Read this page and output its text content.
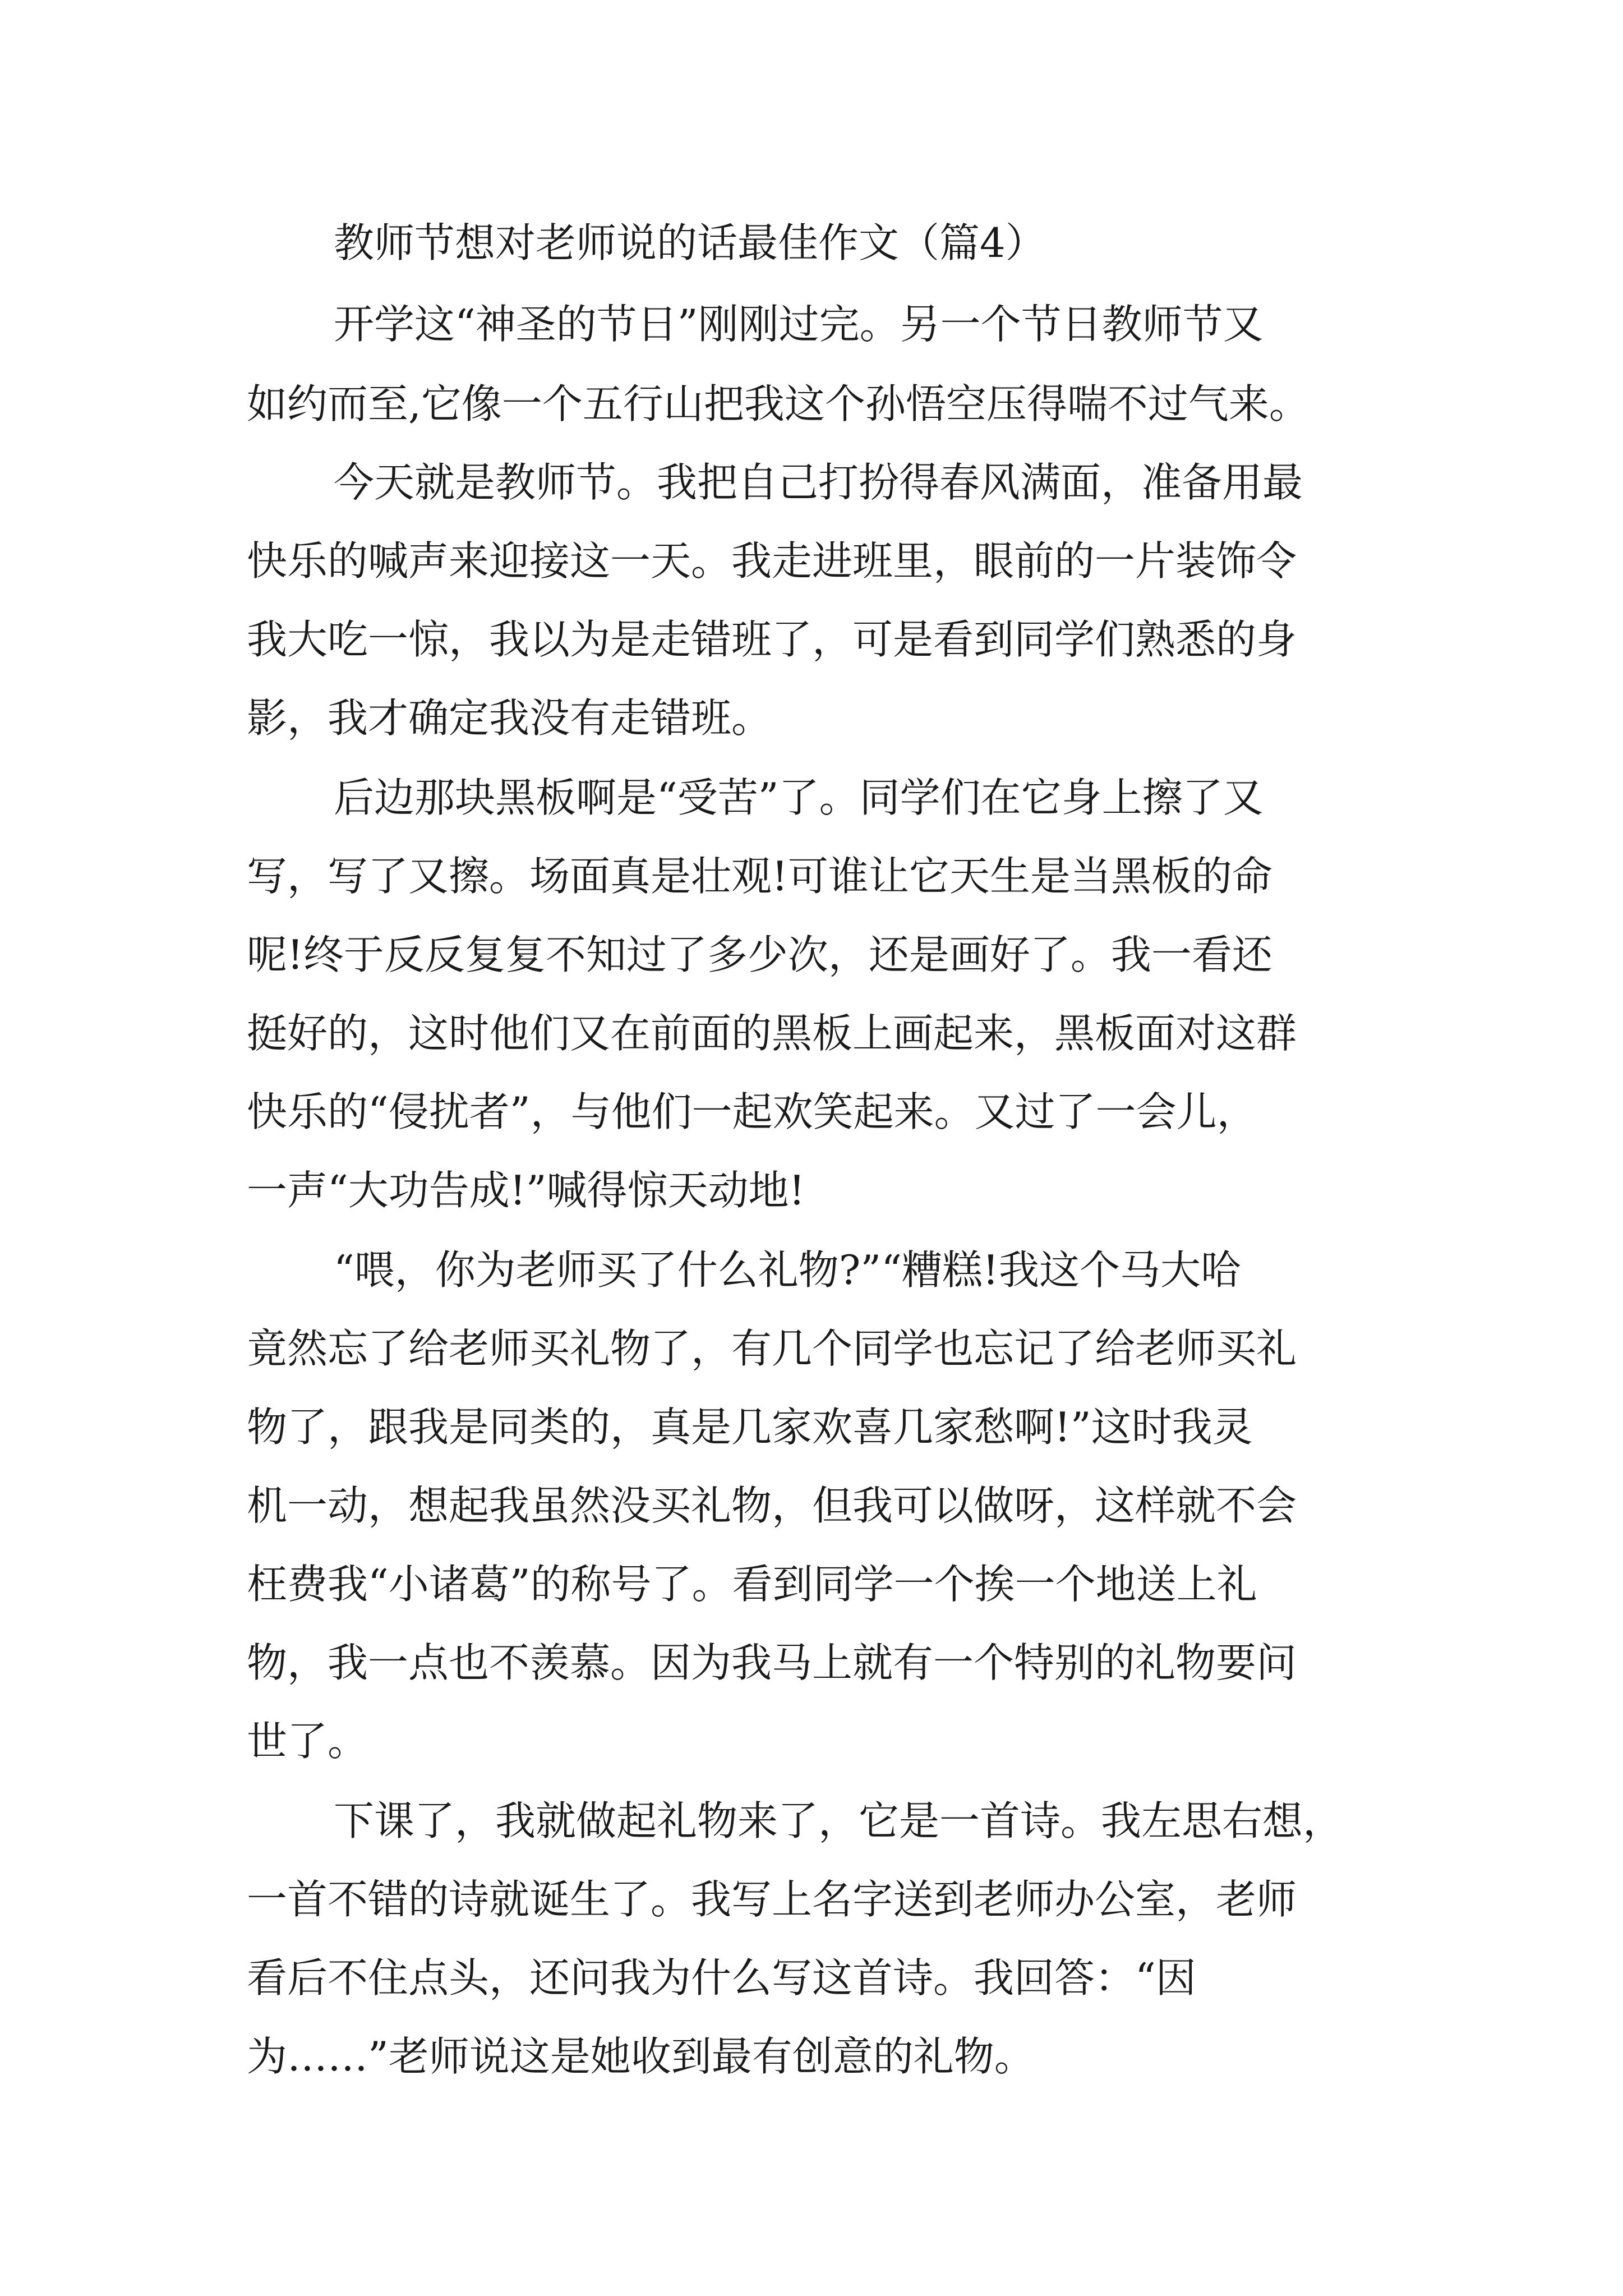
教师节想对老师说的话最佳作文（篇4）
开学这“神圣的节日”刚刚过完。另一个节日教师节又
如约而至,它像一个五行山把我这个孙悟空压得喘不过气来。
今天就是教师节。我把自己打扮得春风满面，准备用最
快乐的喊声来迎接这一天。我走进班里，眼前的一片装饰令
我大吃一惊，我以为是走错班了，可是看到同学们熟悉的身
影，我才确定我没有走错班。
后边那块黑板啊是“受苦”了。同学们在它身上擦了又
写，写了又擦。场面真是壮观!可谁让它天生是当黑板的命
呢!终于反反复复不知过了多少次，还是画好了。我一看还
挺好的，这时他们又在前面的黑板上画起来，黑板面对这群
快乐的“侵扰者”，与他们一起欢笑起来。又过了一会儿，
一声“大功告成!”喊得惊天动地!
“喂，你为老师买了什么礼物?”“糟糕!我这个马大哈
竟然忘了给老师买礼物了，有几个同学也忘记了给老师买礼
物了，跟我是同类的，真是几家欢喜几家愁啊!”这时我灵
机一动，想起我虽然没买礼物，但我可以做呀，这样就不会
枉费我“小诸葛”的称号了。看到同学一个挨一个地送上礼
物，我一点也不羡慕。因为我马上就有一个特别的礼物要问
世了。
下课了，我就做起礼物来了，它是一首诗。我左思右想，
一首不错的诗就诞生了。我写上名字送到老师办公室，老师
看后不住点头，还问我为什么写这首诗。我回答：“因
为……”老师说这是她收到最有创意的礼物。
